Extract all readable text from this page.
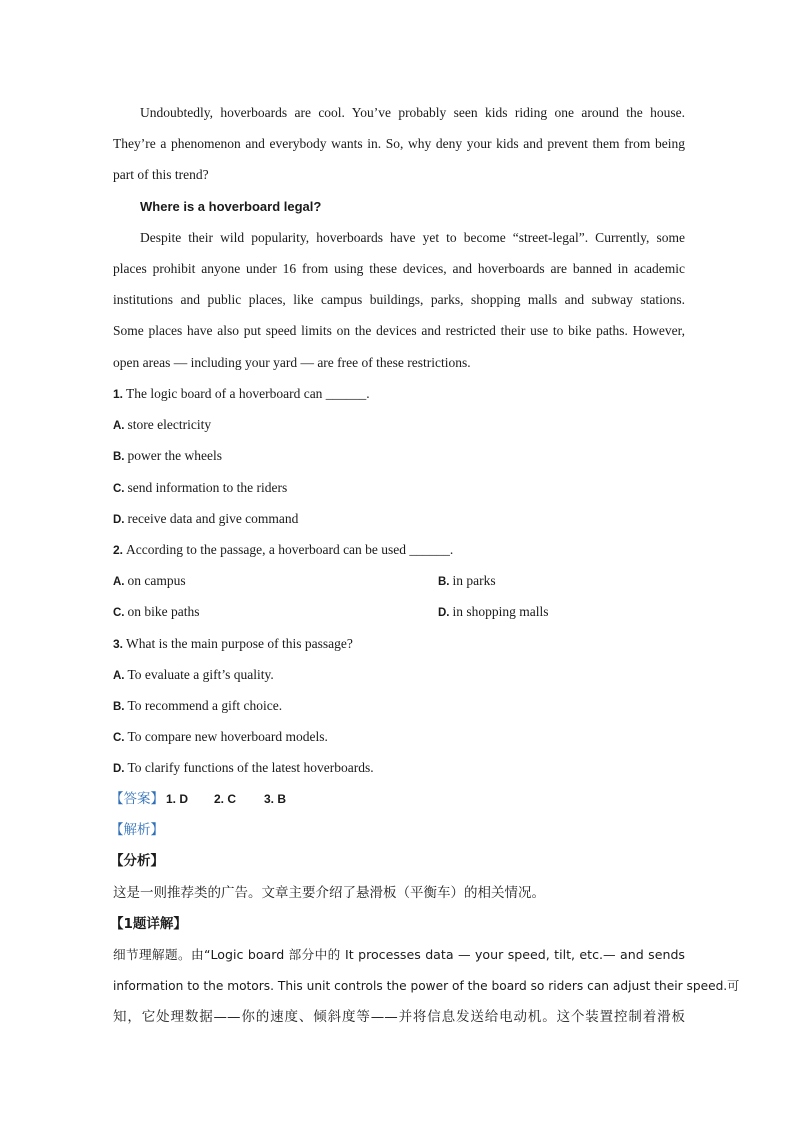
Undoubtedly, hoverboards are cool. You’ve probably seen kids riding one around the house.
They’re a phenomenon and everybody wants in. So, why deny your kids and prevent them from being
part of this trend?
Where is a hoverboard legal?
Despite their wild popularity, hoverboards have yet to become “street-legal”. Currently, some
places prohibit anyone under 16 from using these devices, and hoverboards are banned in academic
institutions and public places, like campus buildings, parks, shopping malls and subway stations.
Some places have also put speed limits on the devices and restricted their use to bike paths. However,
open areas — including your yard — are free of these restrictions.
1. The logic board of a hoverboard can ______.
A. store electricity
B. power the wheels
C. send information to the riders
D. receive data and give command
2. According to the passage, a hoverboard can be used ______.
A. on campus	B. in parks
C. on bike paths	D. in shopping malls
3. What is the main purpose of this passage?
A. To evaluate a gift’s quality.
B. To recommend a gift choice.
C. To compare new hoverboard models.
D. To clarify functions of the latest hoverboards.
【答案】 1. D 2. C 3. B
【解析】
【分析】
这是一则推荐类的广告。文章主要介绍了悬滑板（平衡车）的相关情况。
【1题详解】
细节理解题。由“Logic board 部分中的 It processes data — your speed, tilt, etc.— and sends
information to the motors. This unit controls the power of the board so riders can adjust their speed.可
知，它处理数据——你的速度、倾斜度等——并将信息发送给电动机。这个装置控制着滑板
